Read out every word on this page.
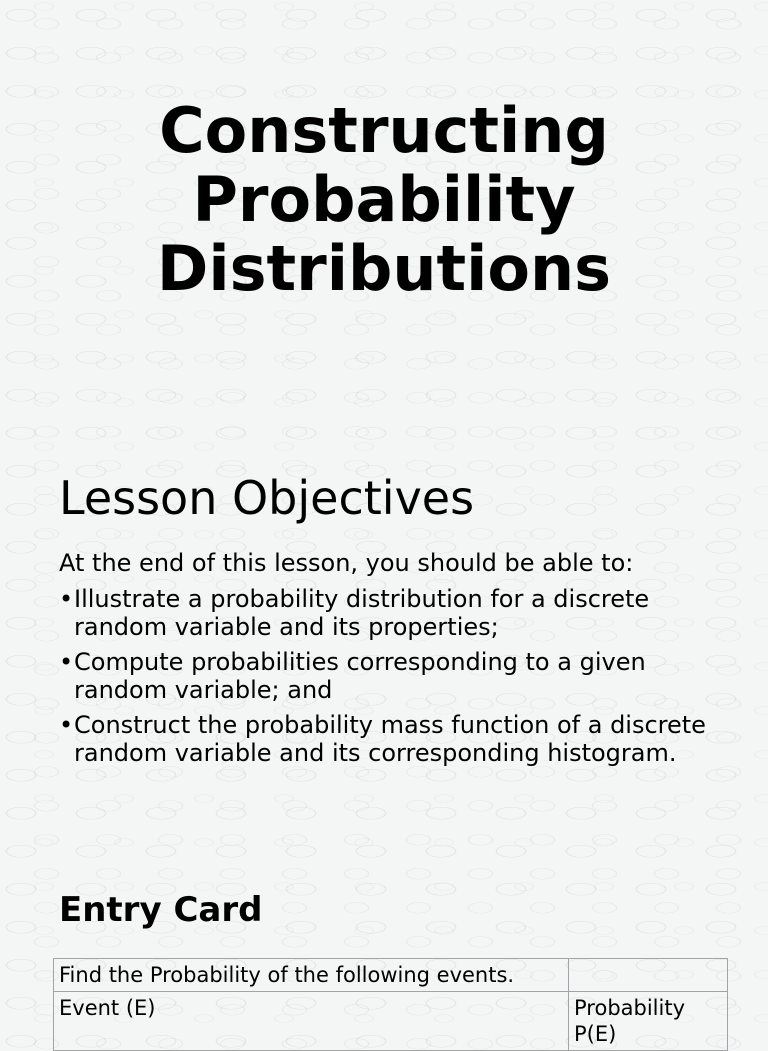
Constructing
Probability
Distributions
Lesson Objectives

At the end of this lesson, you should be able to:

• Illustrate a probability distribution for a discrete random variable and its properties;
• Compute probabilities corresponding to a given random variable; and
• Construct the probability mass function of a discrete random variable and its corresponding histogram.
Entry Card
Find the Probability of the following events.	
Event (E)	Probability P(E)
